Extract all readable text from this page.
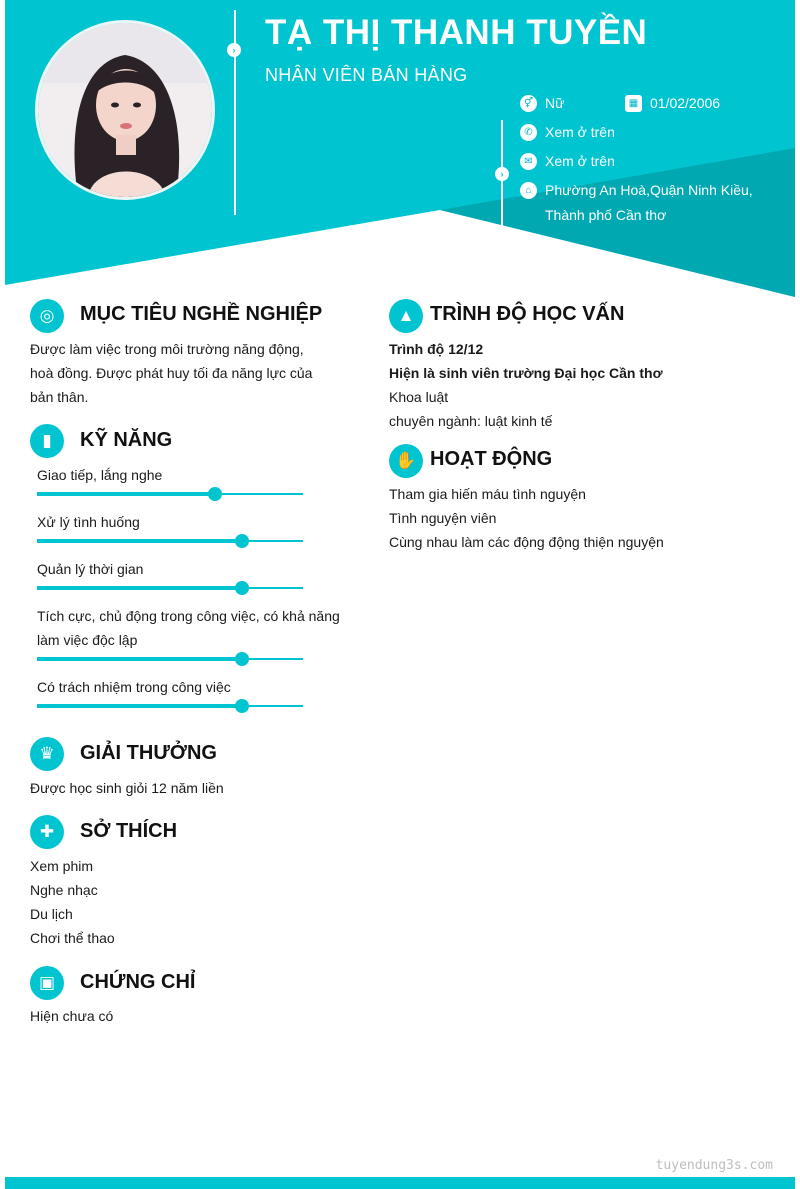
› TẠ THỊ THANH TUYỀN
NHÂN VIÊN BÁN HÀNG
›
⚥ Nữ	▦ 01/02/2006
✆ Xem ở trên
✉ Xem ở trên
⌂ Phường An Hoà,Quận Ninh Kiều,
Thành phố Cần thơ
◎	MỤC TIÊU NGHỀ NGHIỆP
Được làm việc trong môi trường năng động,
hoà đồng. Được phát huy tối đa năng lực của
bản thân.
▮	KỸ NĂNG
Giao tiếp, lắng nghe
Xử lý tình huống
Quản lý thời gian
Tích cực, chủ động trong công việc, có khả năng làm việc độc lập
Có trách nhiệm trong công việc
♛	GIẢI THƯỞNG
Được học sinh giỏi 12 năm liền
✚	SỞ THÍCH
Xem phim
Nghe nhạc
Du lịch
Chơi thể thao
▣	CHỨNG CHỈ
Hiện chưa có
▲ TRÌNH ĐỘ HỌC VẤN
Trình độ 12/12
Hiện là sinh viên trường Đại học Cần thơ
Khoa luật
chuyên ngành: luật kinh tế
✋ HOẠT ĐỘNG
Tham gia hiến máu tình nguyện
Tình nguyện viên
Cùng nhau làm các động động thiện nguyện
tuyendung3s.com
